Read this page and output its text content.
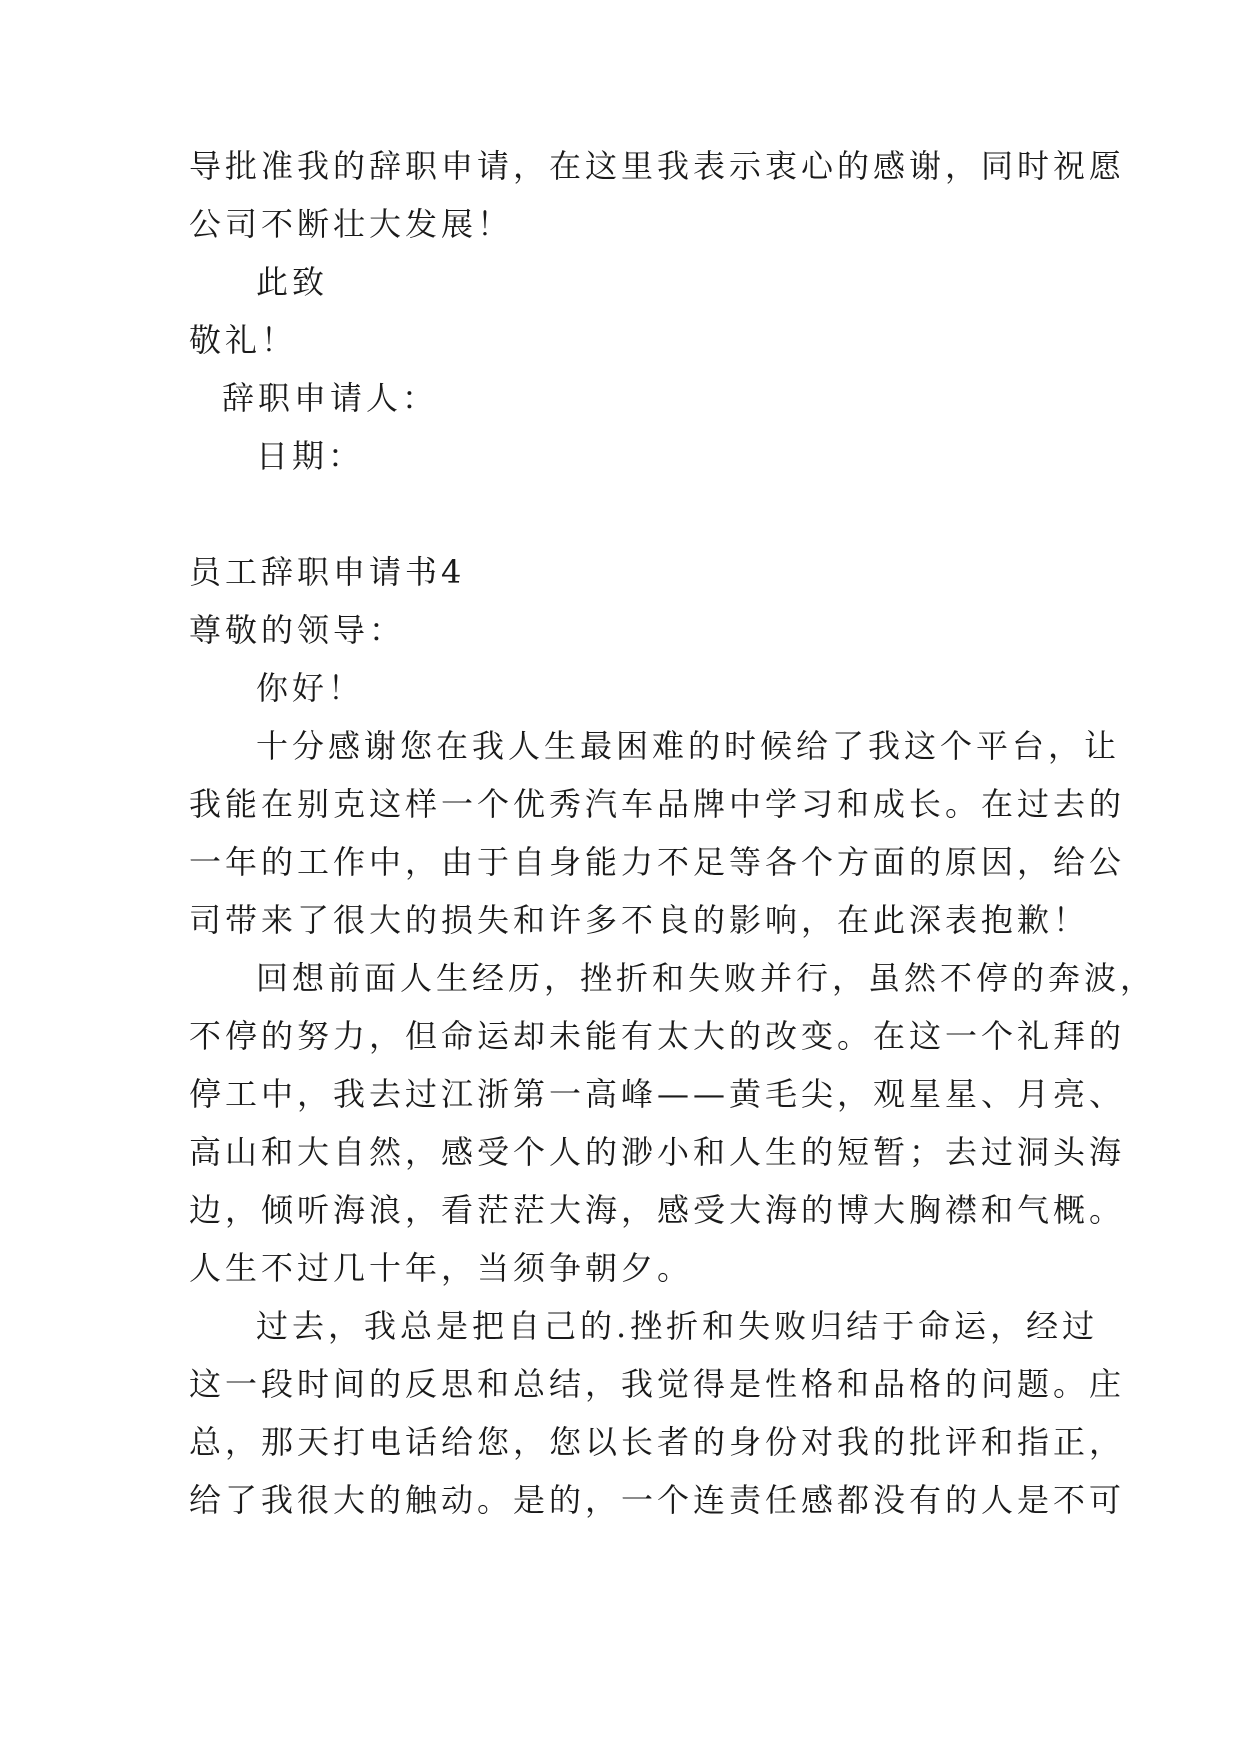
导批准我的辞职申请，在这里我表示衷心的感谢，同时祝愿
公司不断壮大发展！
此致
敬礼！
辞职申请人：
日期：
员工辞职申请书4
尊敬的领导：
你好！
十分感谢您在我人生最困难的时候给了我这个平台，让
我能在别克这样一个优秀汽车品牌中学习和成长。在过去的
一年的工作中，由于自身能力不足等各个方面的原因，给公
司带来了很大的损失和许多不良的影响，在此深表抱歉！
回想前面人生经历，挫折和失败并行，虽然不停的奔波，
不停的努力，但命运却未能有太大的改变。在这一个礼拜的
停工中，我去过江浙第一高峰——黄毛尖，观星星、月亮、
高山和大自然，感受个人的渺小和人生的短暂；去过洞头海
边，倾听海浪，看茫茫大海，感受大海的博大胸襟和气概。
人生不过几十年，当须争朝夕。
过去，我总是把自己的.挫折和失败归结于命运，经过
这一段时间的反思和总结，我觉得是性格和品格的问题。庄
总，那天打电话给您，您以长者的身份对我的批评和指正，
给了我很大的触动。是的，一个连责任感都没有的人是不可
